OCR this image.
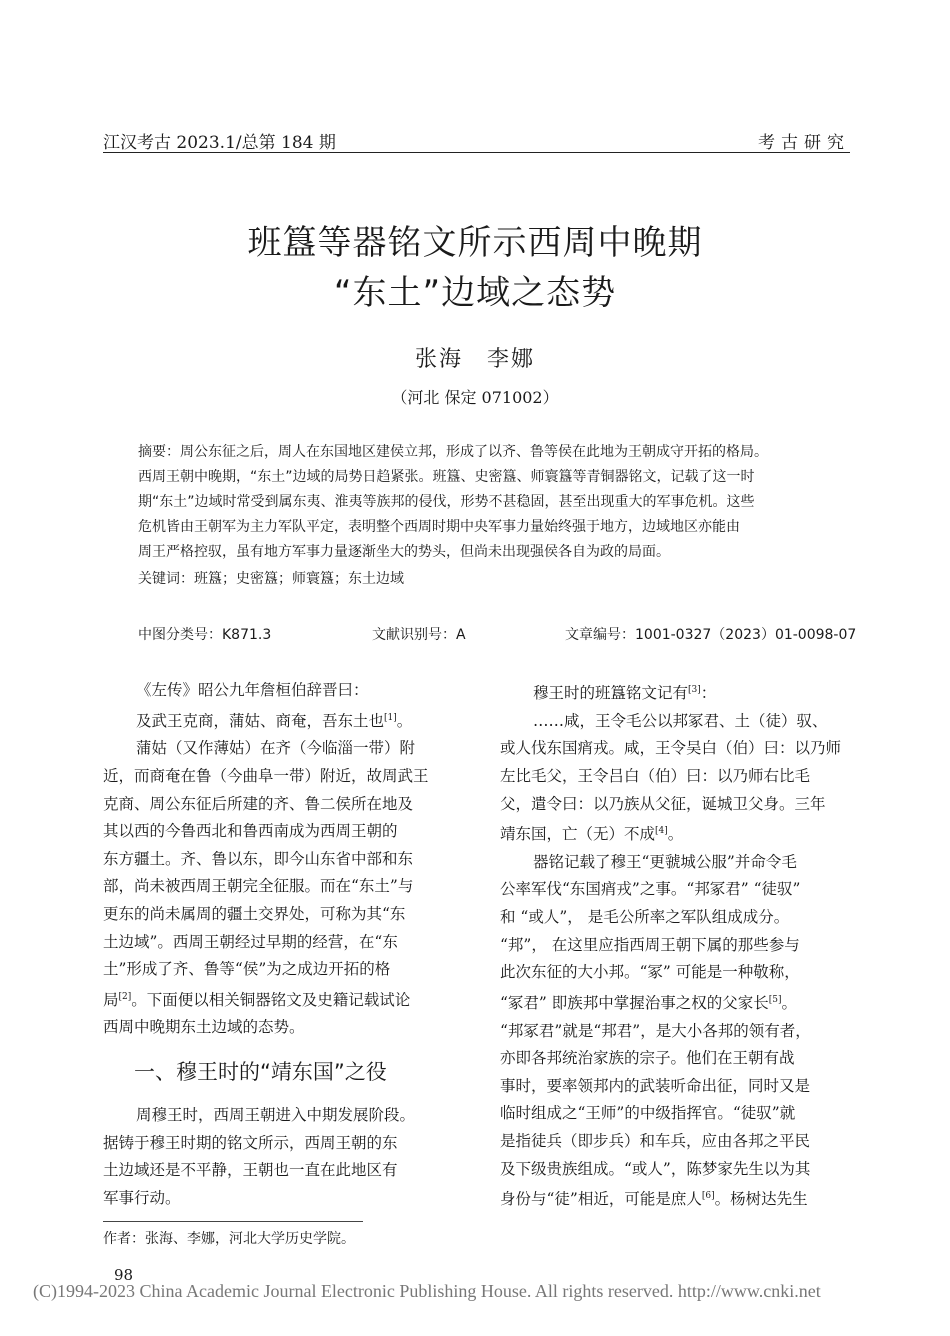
江汉考古 2023.1/总第 184 期	考古研究
班簋等器铭文所示西周中晚期
“东土”边域之态势
张海　李娜
（河北 保定 071002）
摘要：周公东征之后，周人在东国地区建侯立邦，形成了以齐、鲁等侯在此地为王朝成守开拓的格局。
西周王朝中晚期，“东土”边域的局势日趋紧张。班簋、史密簋、师寰簋等青铜器铭文，记载了这一时
期“东土”边域时常受到属东夷、淮夷等族邦的侵伐，形势不甚稳固，甚至出现重大的军事危机。这些
危机皆由王朝军为主力军队平定，表明整个西周时期中央军事力量始终强于地方，边域地区亦能由
周王严格控驭，虽有地方军事力量逐渐坐大的势头，但尚未出现强侯各自为政的局面。
关键词：班簋；史密簋；师寰簋；东土边域
中图分类号：K871.3	文献识别号：A	文章编号：1001-0327（2023）01-0098-07
《左传》昭公九年詹桓伯辞晋曰：
及武王克商，蒲姑、商奄，吾东土也[1]。
蒲姑（又作薄姑）在齐（今临淄一带）附
近，而商奄在鲁（今曲阜一带）附近，故周武王
克商、周公东征后所建的齐、鲁二侯所在地及
其以西的今鲁西北和鲁西南成为西周王朝的
东方疆土。齐、鲁以东，即今山东省中部和东
部，尚未被西周王朝完全征服。而在“东土”与
更东的尚未属周的疆土交界处，可称为其“东
土边域”。西周王朝经过早期的经营，在“东
土”形成了齐、鲁等“侯”为之成边开拓的格
局[2]。下面便以相关铜器铭文及史籍记载试论
西周中晚期东土边域的态势。
一、穆王时的“靖东国”之役
周穆王时，西周王朝进入中期发展阶段。
据铸于穆王时期的铭文所示，西周王朝的东
土边域还是不平静，王朝也一直在此地区有
军事行动。
穆王时的班簋铭文记有[3]：
……咸，王令毛公以邦冢君、土（徒）驭、
或人伐东国痟戎。咸，王令吴白（伯）曰：以乃师
左比毛父，王令吕白（伯）曰：以乃师右比毛
父，遣令曰：以乃族从父征，诞城卫父身。三年
靖东国，亡（无）不成[4]。
器铭记载了穆王“更虢城公服”并命令毛
公率军伐“东国痟戎”之事。“邦冢君” “徒驭”
和 “或人”， 是毛公所率之军队组成成分。
“邦”， 在这里应指西周王朝下属的那些参与
此次东征的大小邦。“冢” 可能是一种敬称，
“冢君” 即族邦中掌握治事之权的父家长[5]。
“邦冢君”就是“邦君”，是大小各邦的领有者，
亦即各邦统治家族的宗子。他们在王朝有战
事时，要率领邦内的武装听命出征，同时又是
临时组成之“王师”的中级指挥官。“徒驭”就
是指徒兵（即步兵）和车兵，应由各邦之平民
及下级贵族组成。“或人”，陈梦家先生以为其
身份与“徒”相近，可能是庶人[6]。杨树达先生
作者：张海、李娜，河北大学历史学院。
98
(C)1994-2023 China Academic Journal Electronic Publishing House. All rights reserved. http://www.cnki.net
